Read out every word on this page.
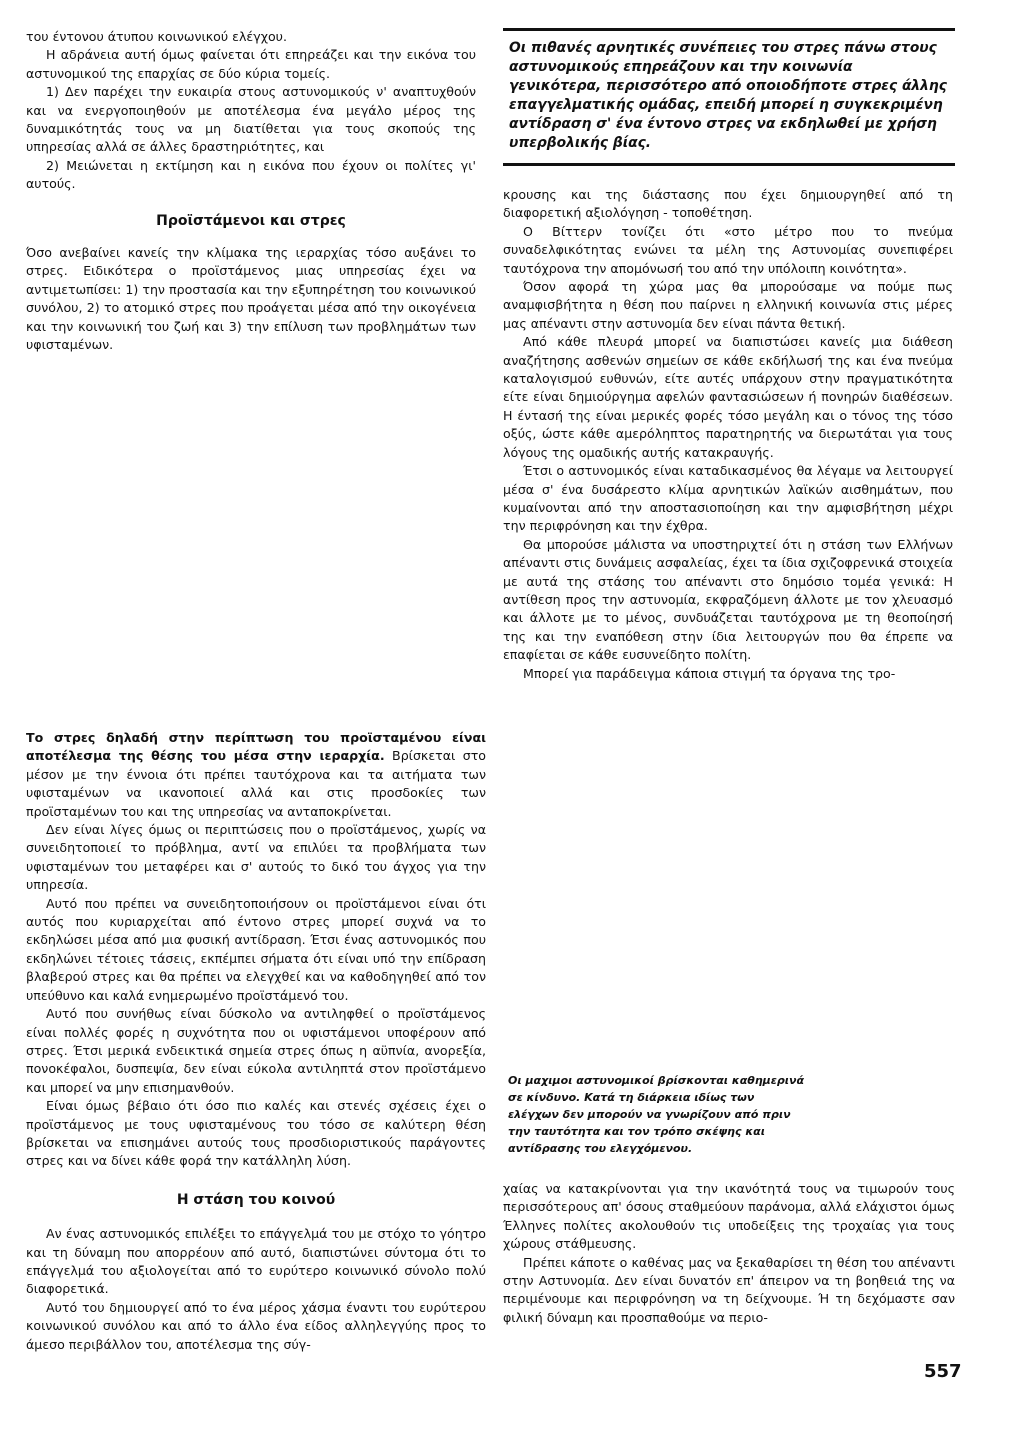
του έντονου άτυπου κοινωνικού ελέγχου.

Η αδράνεια αυτή όμως φαίνεται ότι επηρεάζει και την εικόνα του αστυνομικού της επαρχίας σε δύο κύρια τομείς.

1) Δεν παρέχει την ευκαιρία στους αστυνομικούς ν' αναπτυχθούν και να ενεργοποιηθούν με αποτέλεσμα ένα μεγάλο μέρος της δυναμικότητάς τους να μη διατίθεται για τους σκοπούς της υπηρεσίας αλλά σε άλλες δραστηριότητες, και

2) Μειώνεται η εκτίμηση και η εικόνα που έχουν οι πολίτες γι' αυτούς.

Προϊστάμενοι και στρες

Όσο ανεβαίνει κανείς την κλίμακα της ιεραρχίας τόσο αυξάνει το στρες. Ειδικότερα ο προϊστάμενος μιας υπηρεσίας έχει να αντιμετωπίσει: 1) την προστασία και την εξυπηρέτηση του κοινωνικού συνόλου, 2) το ατομικό στρες που προάγεται μέσα από την οικογένεια και την κοινωνική του ζωή και 3) την επίλυση των προβλημάτων των υφισταμένων.

Οι πιθανές αρνητικές συνέπειες του στρες πάνω στους αστυνομικούς επηρεάζουν και την κοινωνία γενικότερα, περισσότερο από οποιοδήποτε στρες άλλης επαγγελματικής ομάδας, επειδή μπορεί η συγκεκριμένη αντίδραση σ' ένα έντονο στρες να εκδηλωθεί με χρήση υπερβολικής βίας.

κρουσης και της διάστασης που έχει δημιουργηθεί από τη διαφορετική αξιολόγηση - τοποθέτηση.

Ο Βίττερν τονίζει ότι «στο μέτρο που το πνεύμα συναδελφικότητας ενώνει τα μέλη της Αστυνομίας συνεπιφέρει ταυτόχρονα την απομόνωσή του από την υπόλοιπη κοινότητα».

Όσον αφορά τη χώρα μας θα μπορούσαμε να πούμε πως αναμφισβήτητα η θέση που παίρνει η ελληνική κοινωνία στις μέρες μας απέναντι στην αστυνομία δεν είναι πάντα θετική.

Από κάθε πλευρά μπορεί να διαπιστώσει κανείς μια διάθεση αναζήτησης ασθενών σημείων σε κάθε εκδήλωσή της και ένα πνεύμα καταλογισμού ευθυνών, είτε αυτές υπάρχουν στην πραγματικότητα είτε είναι δημιούργημα αφελών φαντασιώσεων ή πονηρών διαθέσεων. Η έντασή της είναι μερικές φορές τόσο μεγάλη και ο τόνος της τόσο οξύς, ώστε κάθε αμερόληπτος παρατηρητής να διερωτάται για τους λόγους της ομαδικής αυτής κατακραυγής.

Έτσι ο αστυνομικός είναι καταδικασμένος θα λέγαμε να λειτουργεί μέσα σ' ένα δυσάρεστο κλίμα αρνητικών λαϊκών αισθημάτων, που κυμαίνονται από την αποστασιοποίηση και την αμφισβήτηση μέχρι την περιφρόνηση και την έχθρα.

Θα μπορούσε μάλιστα να υποστηριχτεί ότι η στάση των Ελλήνων απέναντι στις δυνάμεις ασφαλείας, έχει τα ίδια σχιζοφρενικά στοιχεία με αυτά της στάσης του απέναντι στο δημόσιο τομέα γενικά: Η αντίθεση προς την αστυνομία, εκφραζόμενη άλλοτε με τον χλευασμό και άλλοτε με το μένος, συνδυάζεται ταυτόχρονα με τη θεοποίησή της και την εναπόθεση στην ίδια λειτουργών που θα έπρεπε να επαφίεται σε κάθε ευσυνείδητο πολίτη.

Μπορεί για παράδειγμα κάποια στιγμή τα όργανα της τρο-

Το στρες δηλαδή στην περίπτωση του προϊσταμένου είναι αποτέλεσμα της θέσης του μέσα στην ιεραρχία. Βρίσκεται στο μέσον με την έννοια ότι πρέπει ταυτόχρονα και τα αιτήματα των υφισταμένων να ικανοποιεί αλλά και στις προσδοκίες των προϊσταμένων του και της υπηρεσίας να ανταποκρίνεται.

Δεν είναι λίγες όμως οι περιπτώσεις που ο προϊστάμενος, χωρίς να συνειδητοποιεί το πρόβλημα, αντί να επιλύει τα προβλήματα των υφισταμένων του μεταφέρει και σ' αυτούς το δικό του άγχος για την υπηρεσία.

Αυτό που πρέπει να συνειδητοποιήσουν οι προϊστάμενοι είναι ότι αυτός που κυριαρχείται από έντονο στρες μπορεί συχνά να το εκδηλώσει μέσα από μια φυσική αντίδραση. Έτσι ένας αστυνομικός που εκδηλώνει τέτοιες τάσεις, εκπέμπει σήματα ότι είναι υπό την επίδραση βλαβερού στρες και θα πρέπει να ελεγχθεί και να καθοδηγηθεί από τον υπεύθυνο και καλά ενημερωμένο προϊστάμενό του.

Αυτό που συνήθως είναι δύσκολο να αντιληφθεί ο προϊστάμενος είναι πολλές φορές η συχνότητα που οι υφιστάμενοι υποφέρουν από στρες. Έτσι μερικά ενδεικτικά σημεία στρες όπως η αϋπνία, ανορεξία, πονοκέφαλοι, δυσπεψία, δεν είναι εύκολα αντιληπτά στον προϊστάμενο και μπορεί να μην επισημανθούν.

Είναι όμως βέβαιο ότι όσο πιο καλές και στενές σχέσεις έχει ο προϊστάμενος με τους υφισταμένους του τόσο σε καλύτερη θέση βρίσκεται να επισημάνει αυτούς τους προσδιοριστικούς παράγοντες στρες και να δίνει κάθε φορά την κατάλληλη λύση.

Η στάση του κοινού

Αν ένας αστυνομικός επιλέξει το επάγγελμά του με στόχο το γόητρο και τη δύναμη που απορρέουν από αυτό, διαπιστώνει σύντομα ότι το επάγγελμά του αξιολογείται από το ευρύτερο κοινωνικό σύνολο πολύ διαφορετικά.

Αυτό του δημιουργεί από το ένα μέρος χάσμα έναντι του ευρύτερου κοινωνικού συνόλου και από το άλλο ένα είδος αλληλεγγύης προς το άμεσο περιβάλλον του, αποτέλεσμα της σύγ-

Οι μαχιμοι αστυνομικοί βρίσκονται καθημερινά σε κίνδυνο. Κατά τη διάρκεια ιδίως των ελέγχων δεν μπορούν να γνωρίζουν από πριν την ταυτότητα και τον τρόπο σκέψης και αντίδρασης του ελεγχόμενου.

χαίας να κατακρίνονται για την ικανότητά τους να τιμωρούν τους περισσότερους απ' όσους σταθμεύουν παράνομα, αλλά ελάχιστοι όμως Έλληνες πολίτες ακολουθούν τις υποδείξεις της τροχαίας για τους χώρους στάθμευσης.

Πρέπει κάποτε ο καθένας μας να ξεκαθαρίσει τη θέση του απέναντι στην Αστυνομία. Δεν είναι δυνατόν επ' άπειρον να τη βοηθειά της να περιμένουμε και περιφρόνηση να τη δείχνουμε. Ή τη δεχόμαστε σαν φιλική δύναμη και προσπαθούμε να περιο-

557
